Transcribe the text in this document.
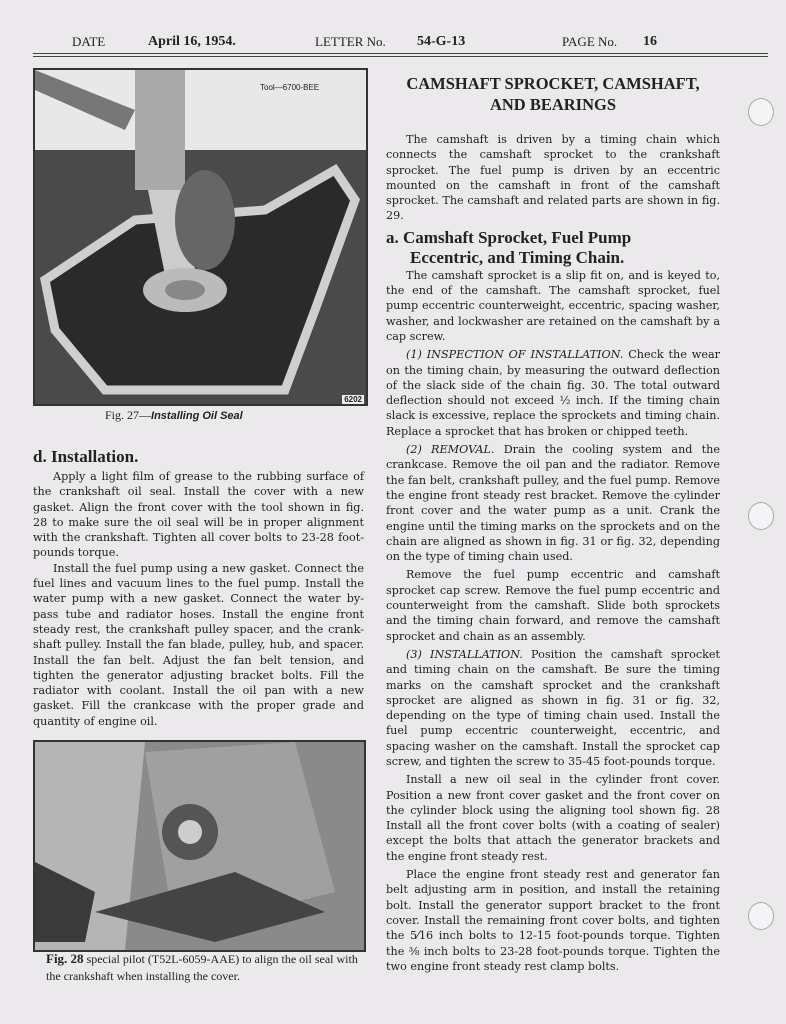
DATE	April 16, 1954.	LETTER No. 54-G-13	PAGE No. 16
Tool—6700-BEE
6202
Fig. 27—Installing Oil Seal
d. Installation.

Apply a light film of grease to the rubbing surface of the crankshaft oil seal. Install the cover with a new gasket. Align the front cover with the tool shown in fig. 28 to make sure the oil seal will be in proper alignment with the crankshaft. Tighten all cover bolts to 23-28 foot-pounds torque.

Install the fuel pump using a new gasket. Connect the fuel lines and vacuum lines to the fuel pump. Install the water pump with a new gasket. Connect the water by-pass tube and radiator hoses. Install the engine front steady rest, the crankshaft pulley spacer, and the crank-shaft pulley. Install the fan blade, pulley, hub, and spacer. Install the fan belt. Adjust the fan belt tension, and tighten the generator adjusting bracket bolts. Fill the radiator with coolant. Install the oil pan with a new gasket. Fill the crankcase with the proper grade and quantity of engine oil.

Fig. 28 special pilot (T52L-6059-AAE) to align the oil seal with the crankshaft when installing the cover.
CAMSHAFT SPROCKET, CAMSHAFT,
AND BEARINGS

The camshaft is driven by a timing chain which connects the camshaft sprocket to the crankshaft sprocket. The fuel pump is driven by an eccentric mounted on the camshaft in front of the camshaft sprocket. The camshaft and related parts are shown in fig. 29.

a. Camshaft Sprocket, Fuel Pump
Eccentric, and Timing Chain.

The camshaft sprocket is a slip fit on, and is keyed to, the end of the camshaft. The camshaft sprocket, fuel pump eccentric counterweight, eccentric, spacing washer, washer, and lockwasher are retained on the camshaft by a cap screw.

(1) INSPECTION OF INSTALLATION. Check the wear on the timing chain, by measuring the outward deflection of the slack side of the chain fig. 30. The total outward deflection should not exceed ½ inch. If the timing chain slack is excessive, replace the sprockets and timing chain. Replace a sprocket that has broken or chipped teeth.

(2) REMOVAL. Drain the cooling system and the crankcase. Remove the oil pan and the radiator. Remove the fan belt, crankshaft pulley, and the fuel pump. Remove the engine front steady rest bracket. Remove the cylinder front cover and the water pump as a unit. Crank the engine until the timing marks on the sprockets and on the chain are aligned as shown in fig. 31 or fig. 32, depending on the type of timing chain used.

Remove the fuel pump eccentric and camshaft sprocket cap screw. Remove the fuel pump eccentric and counterweight from the camshaft. Slide both sprockets and the timing chain forward, and remove the camshaft sprocket and chain as an assembly.

(3) INSTALLATION. Position the camshaft sprocket and timing chain on the camshaft. Be sure the timing marks on the camshaft sprocket and the crankshaft sprocket are aligned as shown in fig. 31 or fig. 32, depending on the type of timing chain used. Install the fuel pump eccentric counterweight, eccentric, and spacing washer on the camshaft. Install the sprocket cap screw, and tighten the screw to 35-45 foot-pounds torque.

Install a new oil seal in the cylinder front cover. Position a new front cover gasket and the front cover on the cylinder block using the aligning tool shown fig. 28 Install all the front cover bolts (with a coating of sealer) except the bolts that attach the generator brackets and the engine front steady rest.

Place the engine front steady rest and generator fan belt adjusting arm in position, and install the retaining bolt. Install the generator support bracket to the front cover. Install the remaining front cover bolts, and tighten the 5⁄16 inch bolts to 12-15 foot-pounds torque. Tighten the ⅜ inch bolts to 23-28 foot-pounds torque. Tighten the two engine front steady rest clamp bolts.
